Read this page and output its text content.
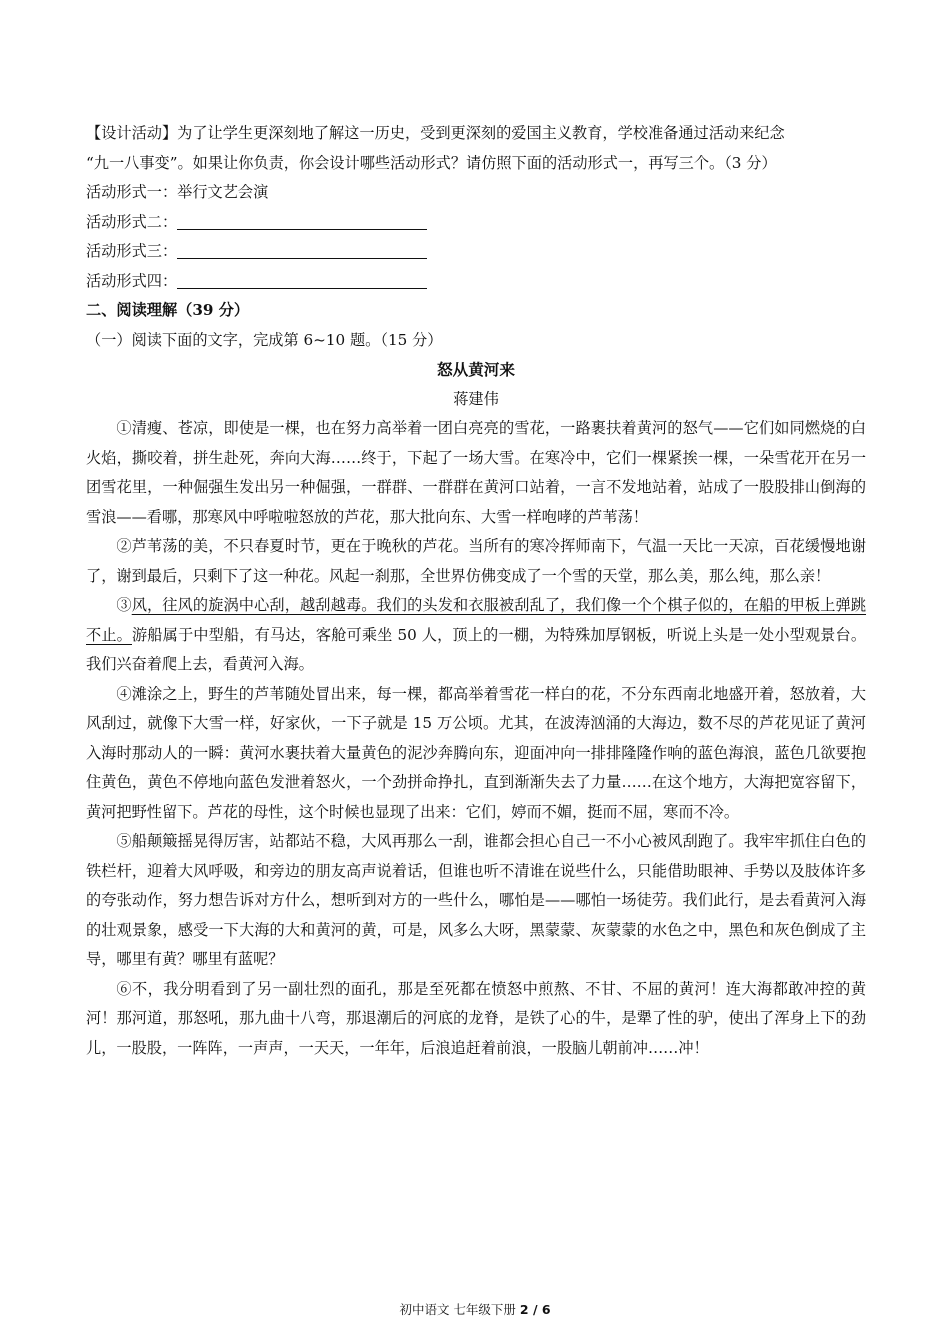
【设计活动】为了让学生更深刻地了解这一历史，受到更深刻的爱国主义教育，学校准备通过活动来纪念

“九一八事变”。如果让你负责，你会设计哪些活动形式？请仿照下面的活动形式一，再写三个。（3 分）

活动形式一：举行文艺会演

活动形式二：

活动形式三：

活动形式四：

二、阅读理解（39 分）

（一）阅读下面的文字，完成第 6~10 题。（15 分）

怒从黄河来

蒋建伟

①清瘦、苍凉，即使是一棵，也在努力高举着一团白亮亮的雪花，一路裹扶着黄河的怒气——它们如同燃烧的白火焰，撕咬着，拼生赴死，奔向大海……终于，下起了一场大雪。在寒冷中，它们一棵紧挨一棵，一朵雪花开在另一团雪花里，一种倔强生发出另一种倔强，一群群、一群群在黄河口站着，一言不发地站着，站成了一股股排山倒海的雪浪——看哪，那寒风中呼啦啦怒放的芦花，那大批向东、大雪一样咆哮的芦苇荡！

②芦苇荡的美，不只春夏时节，更在于晚秋的芦花。当所有的寒冷挥师南下，气温一天比一天凉，百花缓慢地谢了，谢到最后，只剩下了这一种花。风起一刹那，全世界仿佛变成了一个雪的天堂，那么美，那么纯，那么亲！

③风，往风的旋涡中心刮，越刮越毒。我们的头发和衣服被刮乱了，我们像一个个棋子似的，在船的甲板上弹跳不止。游船属于中型船，有马达，客舱可乘坐 50 人，顶上的一棚，为特殊加厚钢板，听说上头是一处小型观景台。我们兴奋着爬上去，看黄河入海。

④滩涂之上，野生的芦苇随处冒出来，每一棵，都高举着雪花一样白的花，不分东西南北地盛开着，怒放着，大风刮过，就像下大雪一样，好家伙，一下子就是 15 万公顷。尤其，在波涛汹涌的大海边，数不尽的芦花见证了黄河入海时那动人的一瞬：黄河水裹扶着大量黄色的泥沙奔腾向东，迎面冲向一排排隆隆作响的蓝色海浪，蓝色几欲要抱住黄色，黄色不停地向蓝色发泄着怒火，一个劲拼命挣扎，直到渐渐失去了力量……在这个地方，大海把宽容留下，黄河把野性留下。芦花的母性，这个时候也显现了出来：它们，婷而不媚，挺而不屈，寒而不冷。

⑤船颠簸摇晃得厉害，站都站不稳，大风再那么一刮，谁都会担心自己一不小心被风刮跑了。我牢牢抓住白色的铁栏杆，迎着大风呼吸，和旁边的朋友高声说着话，但谁也听不清谁在说些什么，只能借助眼神、手势以及肢体许多的夸张动作，努力想告诉对方什么，想听到对方的一些什么，哪怕是——哪怕一场徒劳。我们此行，是去看黄河入海的壮观景象，感受一下大海的大和黄河的黄，可是，风多么大呀，黑蒙蒙、灰蒙蒙的水色之中，黑色和灰色倒成了主导，哪里有黄？哪里有蓝呢？

⑥不，我分明看到了另一副壮烈的面孔，那是至死都在愤怒中煎熬、不甘、不屈的黄河！连大海都敢冲控的黄河！那河道，那怒吼，那九曲十八弯，那退潮后的河底的龙脊，是铁了心的牛，是犟了性的驴，使出了浑身上下的劲儿，一股股，一阵阵，一声声，一天天，一年年，后浪追赶着前浪，一股脑儿朝前冲……冲！

初中语文 七年级下册 2 / 6
